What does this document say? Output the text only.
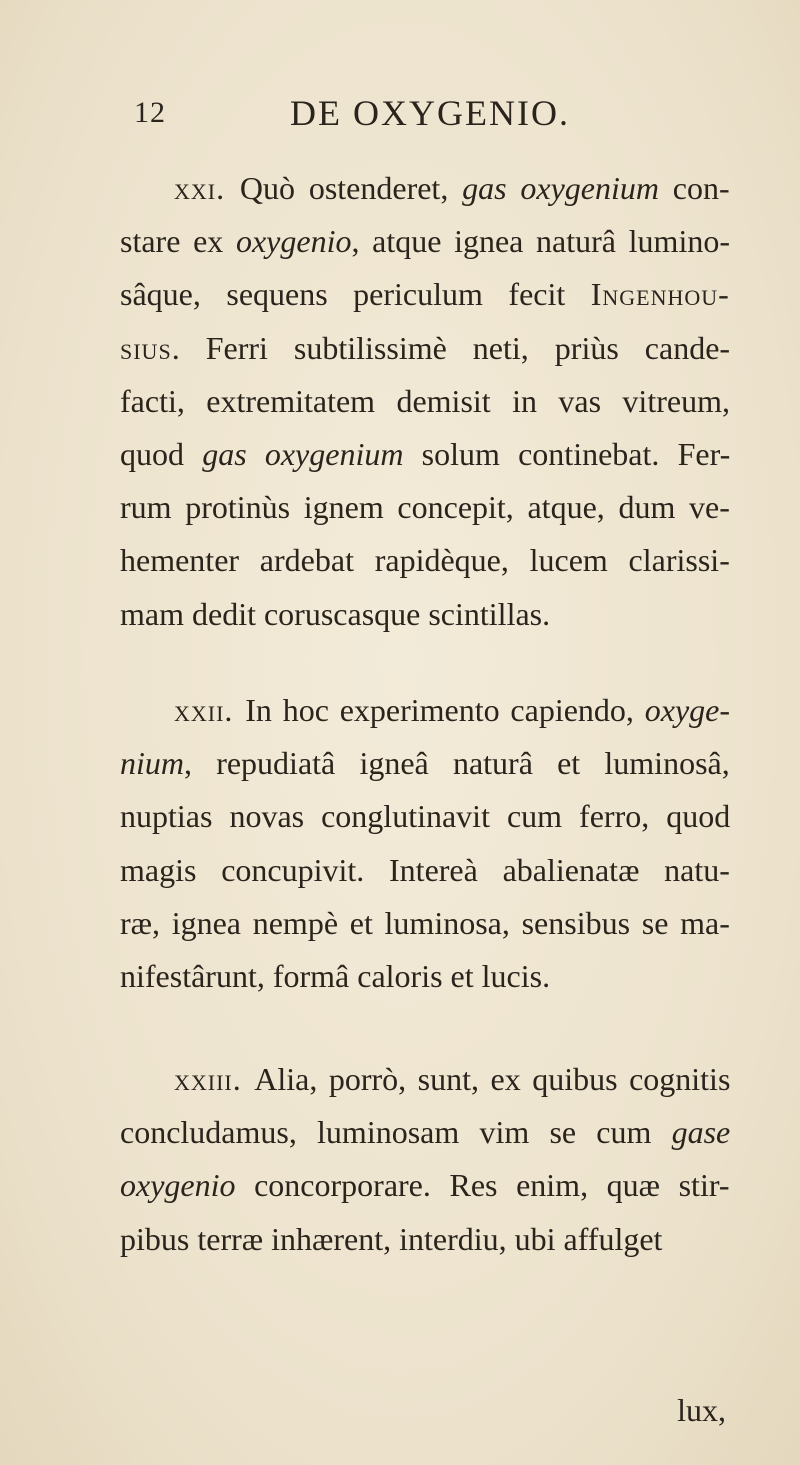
12	DE OXYGENIO.
xxi. Quò ostenderet, gas oxygenium con-
stare ex oxygenio, atque ignea naturâ lumino-
sâque, sequens periculum fecit Ingenhou-
sius. Ferri subtilissimè neti, priùs cande-
facti, extremitatem demisit in vas vitreum,
quod gas oxygenium solum continebat. Fer-
rum protinùs ignem concepit, atque, dum ve-
hementer ardebat rapidèque, lucem clarissi-
mam dedit coruscasque scintillas.
xxii. In hoc experimento capiendo, oxyge-
nium, repudiatâ igneâ naturâ et luminosâ,
nuptias novas conglutinavit cum ferro, quod
magis concupivit. Intereà abalienatæ natu-
ræ, ignea nempè et luminosa, sensibus se ma-
nifestârunt, formâ caloris et lucis.
xxiii. Alia, porrò, sunt, ex quibus cognitis
concludamus, luminosam vim se cum gase
oxygenio concorporare. Res enim, quæ stir-
pibus terræ inhærent, interdiu, ubi affulget
lux,
